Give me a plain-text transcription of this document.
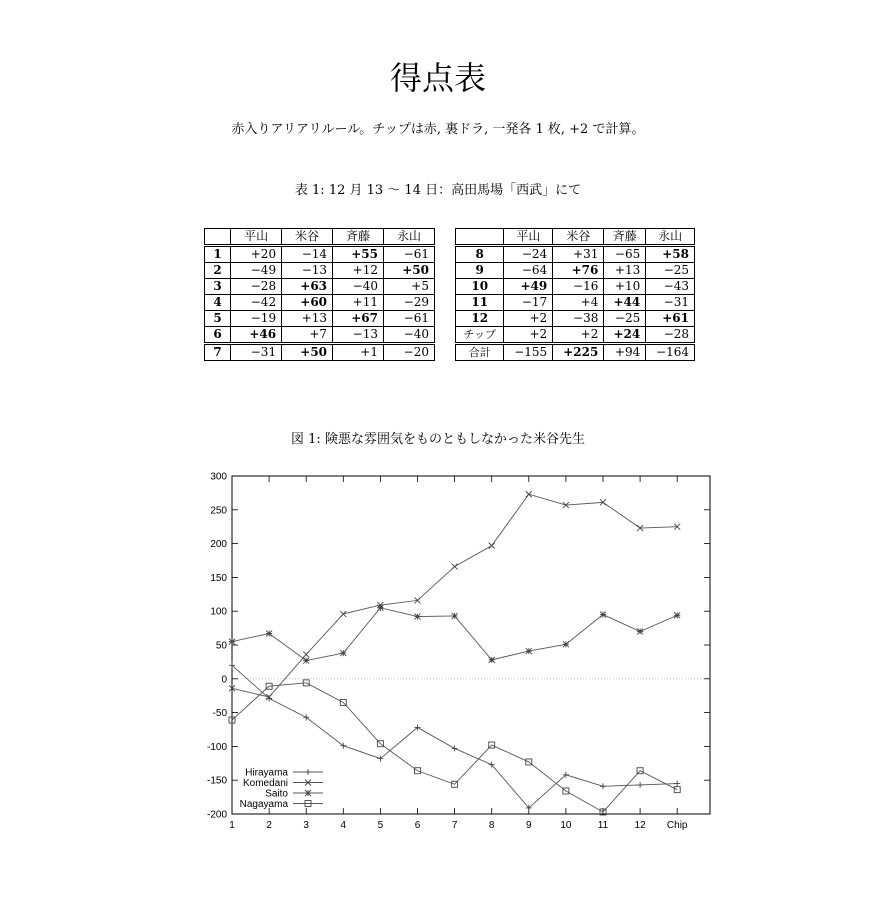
得点表
赤入りアリアリルール。チップは赤, 裏ドラ, 一発各 1 枚, +2 で計算。
表 1: 12 月 13 〜 14 日：高田馬場「西武」にて
	平山	米谷	斉藤	永山

1	+20	−14	+55	−61
2	−49	−13	+12	+50
3	−28	+63	−40	+5
4	−42	+60	+11	−29
5	−19	+13	+67	−61
6	+46	+7	−13	−40

7	−31	+50	+1	−20
	平山	米谷	斉藤	永山

8	−24	+31	−65	+58
9	−64	+76	+13	−25
10	+49	−16	+10	−43
11	−17	+4	+44	−31
12	+2	−38	−25	+61
チップ	+2	+2	+24	−28

合計	−155	+225	+94	−164
図 1: 険悪な雰囲気をものともしなかった米谷先生
300
250
200
150
100
50
0
-50
-100
-150
-200
1	2	3	4	5	6	7	8	9	10	11	12 Chip
Hirayama
Komedani
Saito
Nagayama
